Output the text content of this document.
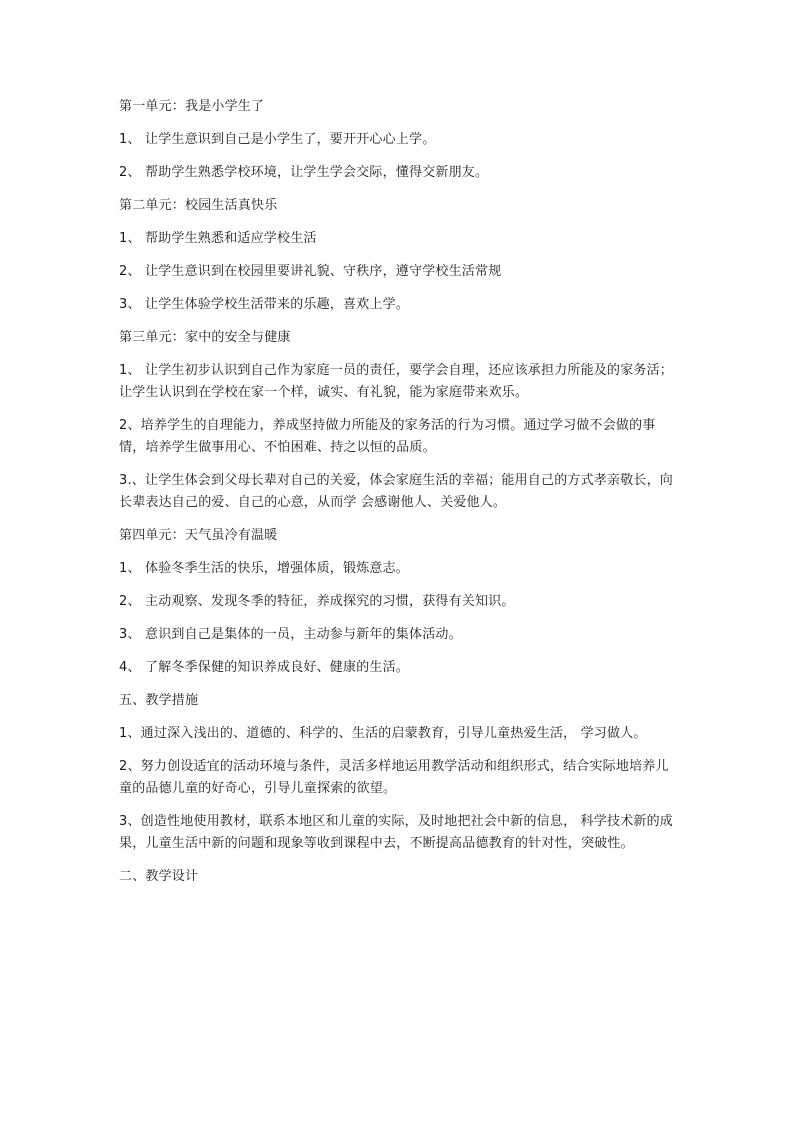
第一单元：我是小学生了

1、 让学生意识到自己是小学生了，要开开心心上学。

2、 帮助学生熟悉学校环境，让学生学会交际，懂得交新朋友。

第二单元：校园生活真快乐

1、 帮助学生熟悉和适应学校生活

2、 让学生意识到在校园里要讲礼貌、守秩序，遵守学校生活常规

3、 让学生体验学校生活带来的乐趣，喜欢上学。

第三单元：家中的安全与健康

1、 让学生初步认识到自己作为家庭一员的责任，要学会自理，还应该承担力所能及的家务活；让学生认识到在学校在家一个样，诚实、有礼貌，能为家庭带来欢乐。

2、培养学生的自理能力，养成坚持做力所能及的家务活的行为习惯。通过学习做不会做的事情，培养学生做事用心、不怕困难、持之以恒的品质。

3.、让学生体会到父母长辈对自己的关爱，体会家庭生活的幸福；能用自己的方式孝亲敬长，向长辈表达自己的爱、自己的心意，从而学 会感谢他人、关爱他人。

第四单元：天气虽冷有温暖

1、 体验冬季生活的快乐，增强体质，锻炼意志。

2、 主动观察、发现冬季的特征，养成探究的习惯，获得有关知识。

3、 意识到自己是集体的一员，主动参与新年的集体活动。

4、 了解冬季保健的知识养成良好、健康的生活。

五、教学措施

1、通过深入浅出的、道德的、科学的、生活的启蒙教育，引导儿童热爱生活， 学习做人。

2、努力创设适宜的活动环境与条件，灵活多样地运用教学活动和组织形式，结合实际地培养儿童的品德儿童的好奇心，引导儿童探索的欲望。

3、创造性地使用教材，联系本地区和儿童的实际，及时地把社会中新的信息， 科学技术新的成果，儿童生活中新的问题和现象等收到课程中去，不断提高品德教育的针对性，突破性。

二、教学设计
